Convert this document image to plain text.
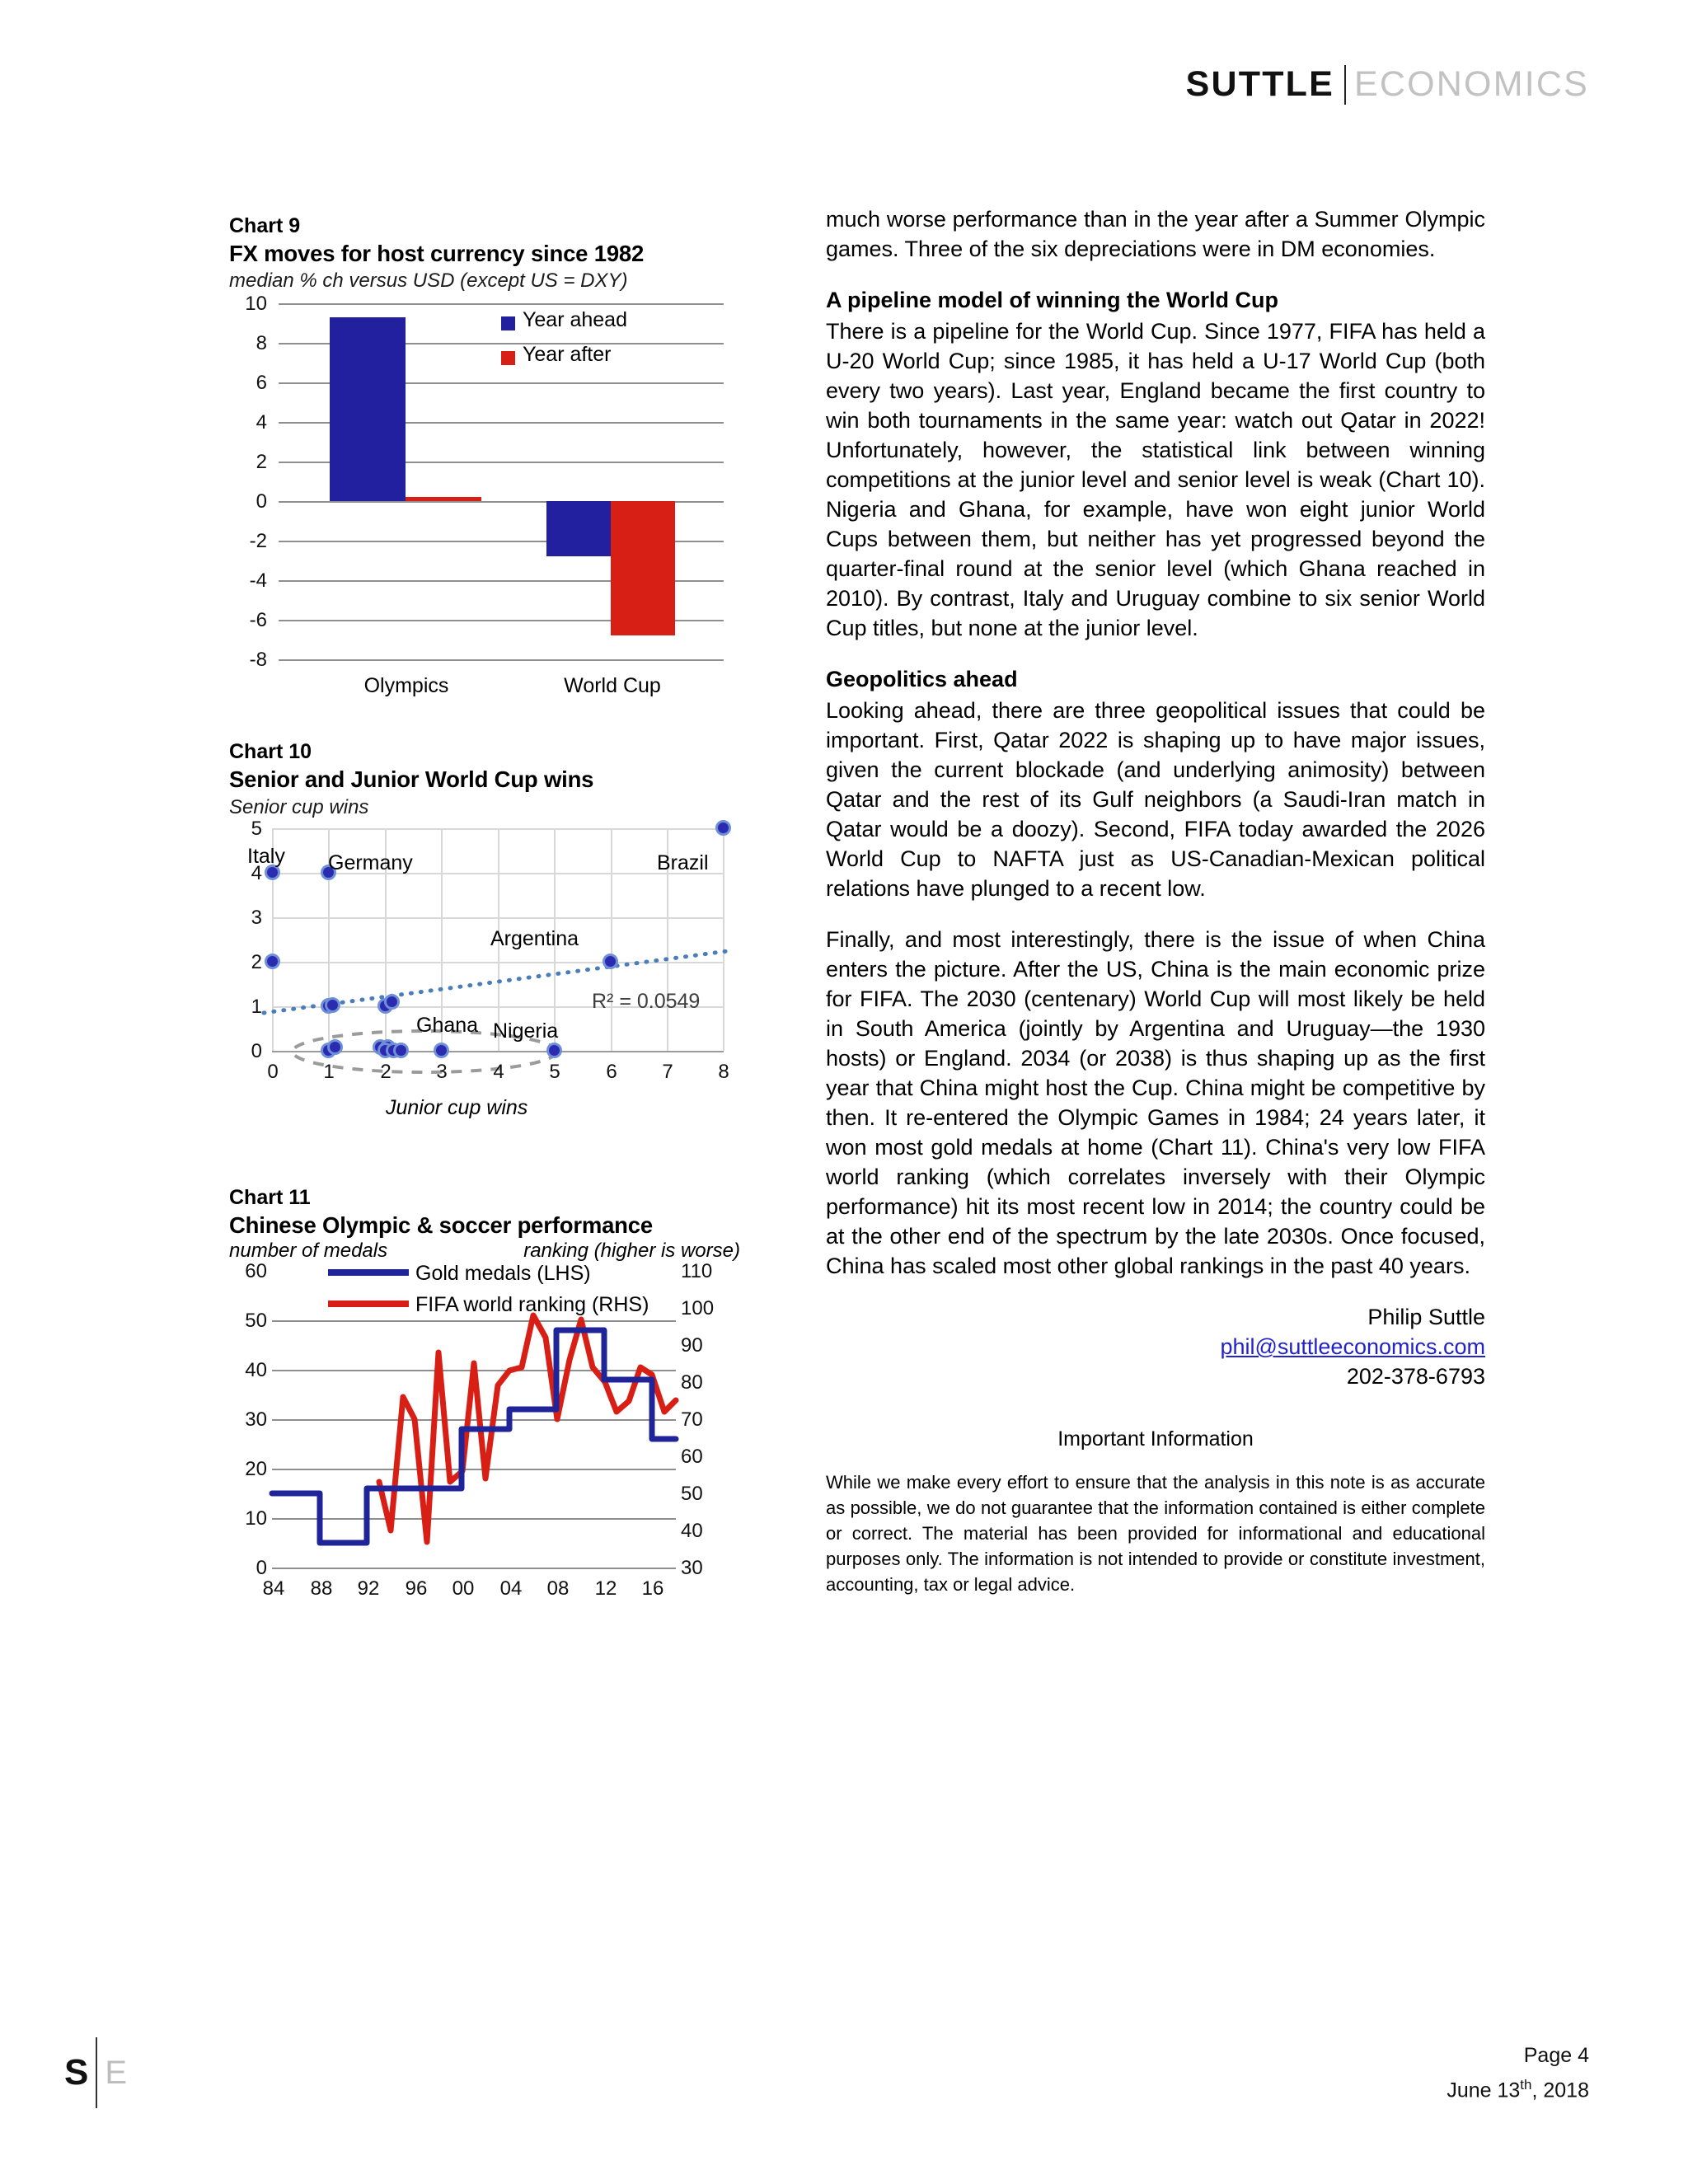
SUTTLE ECONOMICS
Chart 9
FX moves for host currency since 1982
median % ch versus USD (except US = DXY)
10
8
6
4
2
0
-2
-4
-6
-8
Year ahead
Year after
Olympics	World Cup
Chart 10
Senior and Junior World Cup wins
Senior cup wins
5
4
3
2
1
0
Italy Germany	Brazil
Argentina
Ghana Nigeria
R² = 0.0549
0 1 2 3 4 5 6 7 8
Junior cup wins
Chart 11
Chinese Olympic & soccer performance
number of medals	ranking (higher is worse)
60
50
40
30
20
10
0
110
100
90
80
70
60
50
40
30
Gold medals (LHS)
FIFA world ranking (RHS)
84	88	92	96	00	04	08	12	16

much worse performance than in the year after a Summer Olympic games. Three of the six depreciations were in DM economies.

A pipeline model of winning the World Cup

There is a pipeline for the World Cup. Since 1977, FIFA has held a U-20 World Cup; since 1985, it has held a U-17 World Cup (both every two years). Last year, England became the first country to win both tournaments in the same year: watch out Qatar in 2022! Unfortunately, however, the statistical link between winning competitions at the junior level and senior level is weak (Chart 10). Nigeria and Ghana, for example, have won eight junior World Cups between them, but neither has yet progressed beyond the quarter-final round at the senior level (which Ghana reached in 2010). By contrast, Italy and Uruguay combine to six senior World Cup titles, but none at the junior level.

Geopolitics ahead

Looking ahead, there are three geopolitical issues that could be important. First, Qatar 2022 is shaping up to have major issues, given the current blockade (and underlying animosity) between Qatar and the rest of its Gulf neighbors (a Saudi-Iran match in Qatar would be a doozy). Second, FIFA today awarded the 2026 World Cup to NAFTA just as US-Canadian-Mexican political relations have plunged to a recent low.

Finally, and most interestingly, there is the issue of when China enters the picture. After the US, China is the main economic prize for FIFA. The 2030 (centenary) World Cup will most likely be held in South America (jointly by Argentina and Uruguay—the 1930 hosts) or England. 2034 (or 2038) is thus shaping up as the first year that China might host the Cup. China might be competitive by then. It re-entered the Olympic Games in 1984; 24 years later, it won most gold medals at home (Chart 11). China's very low FIFA world ranking (which correlates inversely with their Olympic performance) hit its most recent low in 2014; the country could be at the other end of the spectrum by the late 2030s. Once focused, China has scaled most other global rankings in the past 40 years.

Philip Suttle
phil@suttleeconomics.com
202-378-6793
Important Information

While we make every effort to ensure that the analysis in this note is as accurate as possible, we do not guarantee that the information contained is either complete or correct. The material has been provided for informational and educational purposes only. The information is not intended to provide or constitute investment, accounting, tax or legal advice.

S E	Page 4
June 13th, 2018
